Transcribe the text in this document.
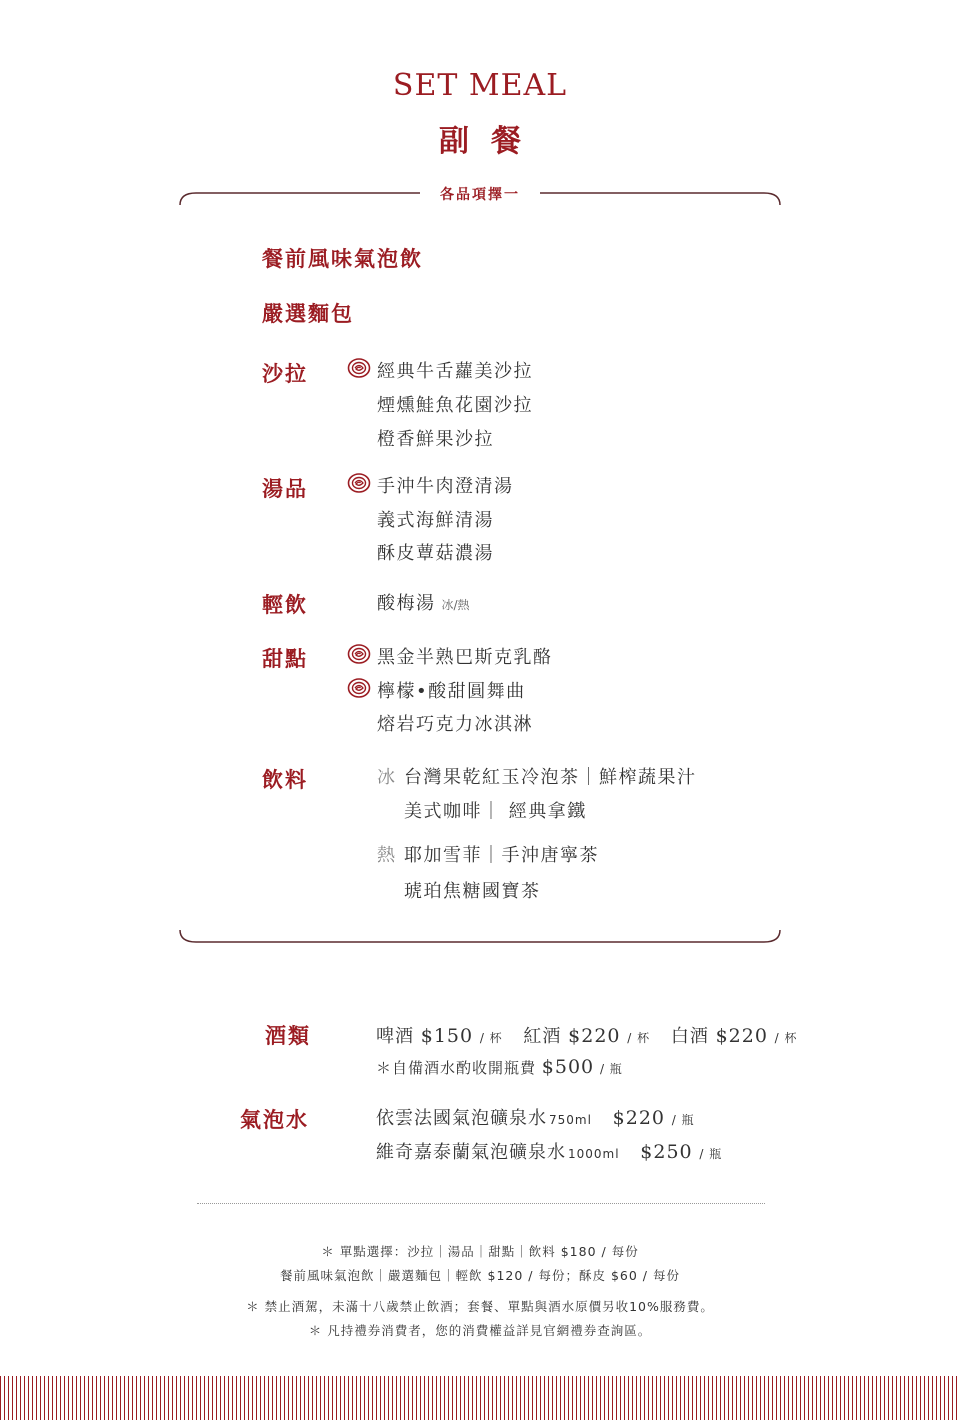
SET MEAL
副餐
各品項擇一
餐前風味氣泡飲
嚴選麵包
沙拉	經典牛舌蘿美沙拉
煙燻鮭魚花園沙拉
橙香鮮果沙拉
湯品	手沖牛肉澄清湯
義式海鮮清湯
酥皮蕈菇濃湯
輕飲	酸梅湯 冰/熱
甜點	黑金半熟巴斯克乳酪
檸檬•酸甜圓舞曲
熔岩巧克力冰淇淋
飲料	冰 台灣果乾紅玉冷泡茶｜鮮榨蔬果汁
美式咖啡｜ 經典拿鐵
熱 耶加雪菲｜手沖唐寧茶
琥珀焦糖國寶茶
酒類	啤酒 $150 / 杯 紅酒 $220 / 杯 白酒 $220 / 杯
＊自備酒水酌收開瓶費 $500 / 瓶
氣泡水	依雲法國氣泡礦泉水 750ml $220 / 瓶
維奇嘉泰蘭氣泡礦泉水 1000ml $250 / 瓶
＊ 單點選擇：沙拉｜湯品｜甜點｜飲料 $180 / 每份
餐前風味氣泡飲｜嚴選麵包｜輕飲 $120 / 每份；酥皮 $60 / 每份
＊ 禁止酒駕，未滿十八歲禁止飲酒；套餐、單點與酒水原價另收10%服務費。
＊ 凡持禮券消費者，您的消費權益詳見官網禮券查詢區。
